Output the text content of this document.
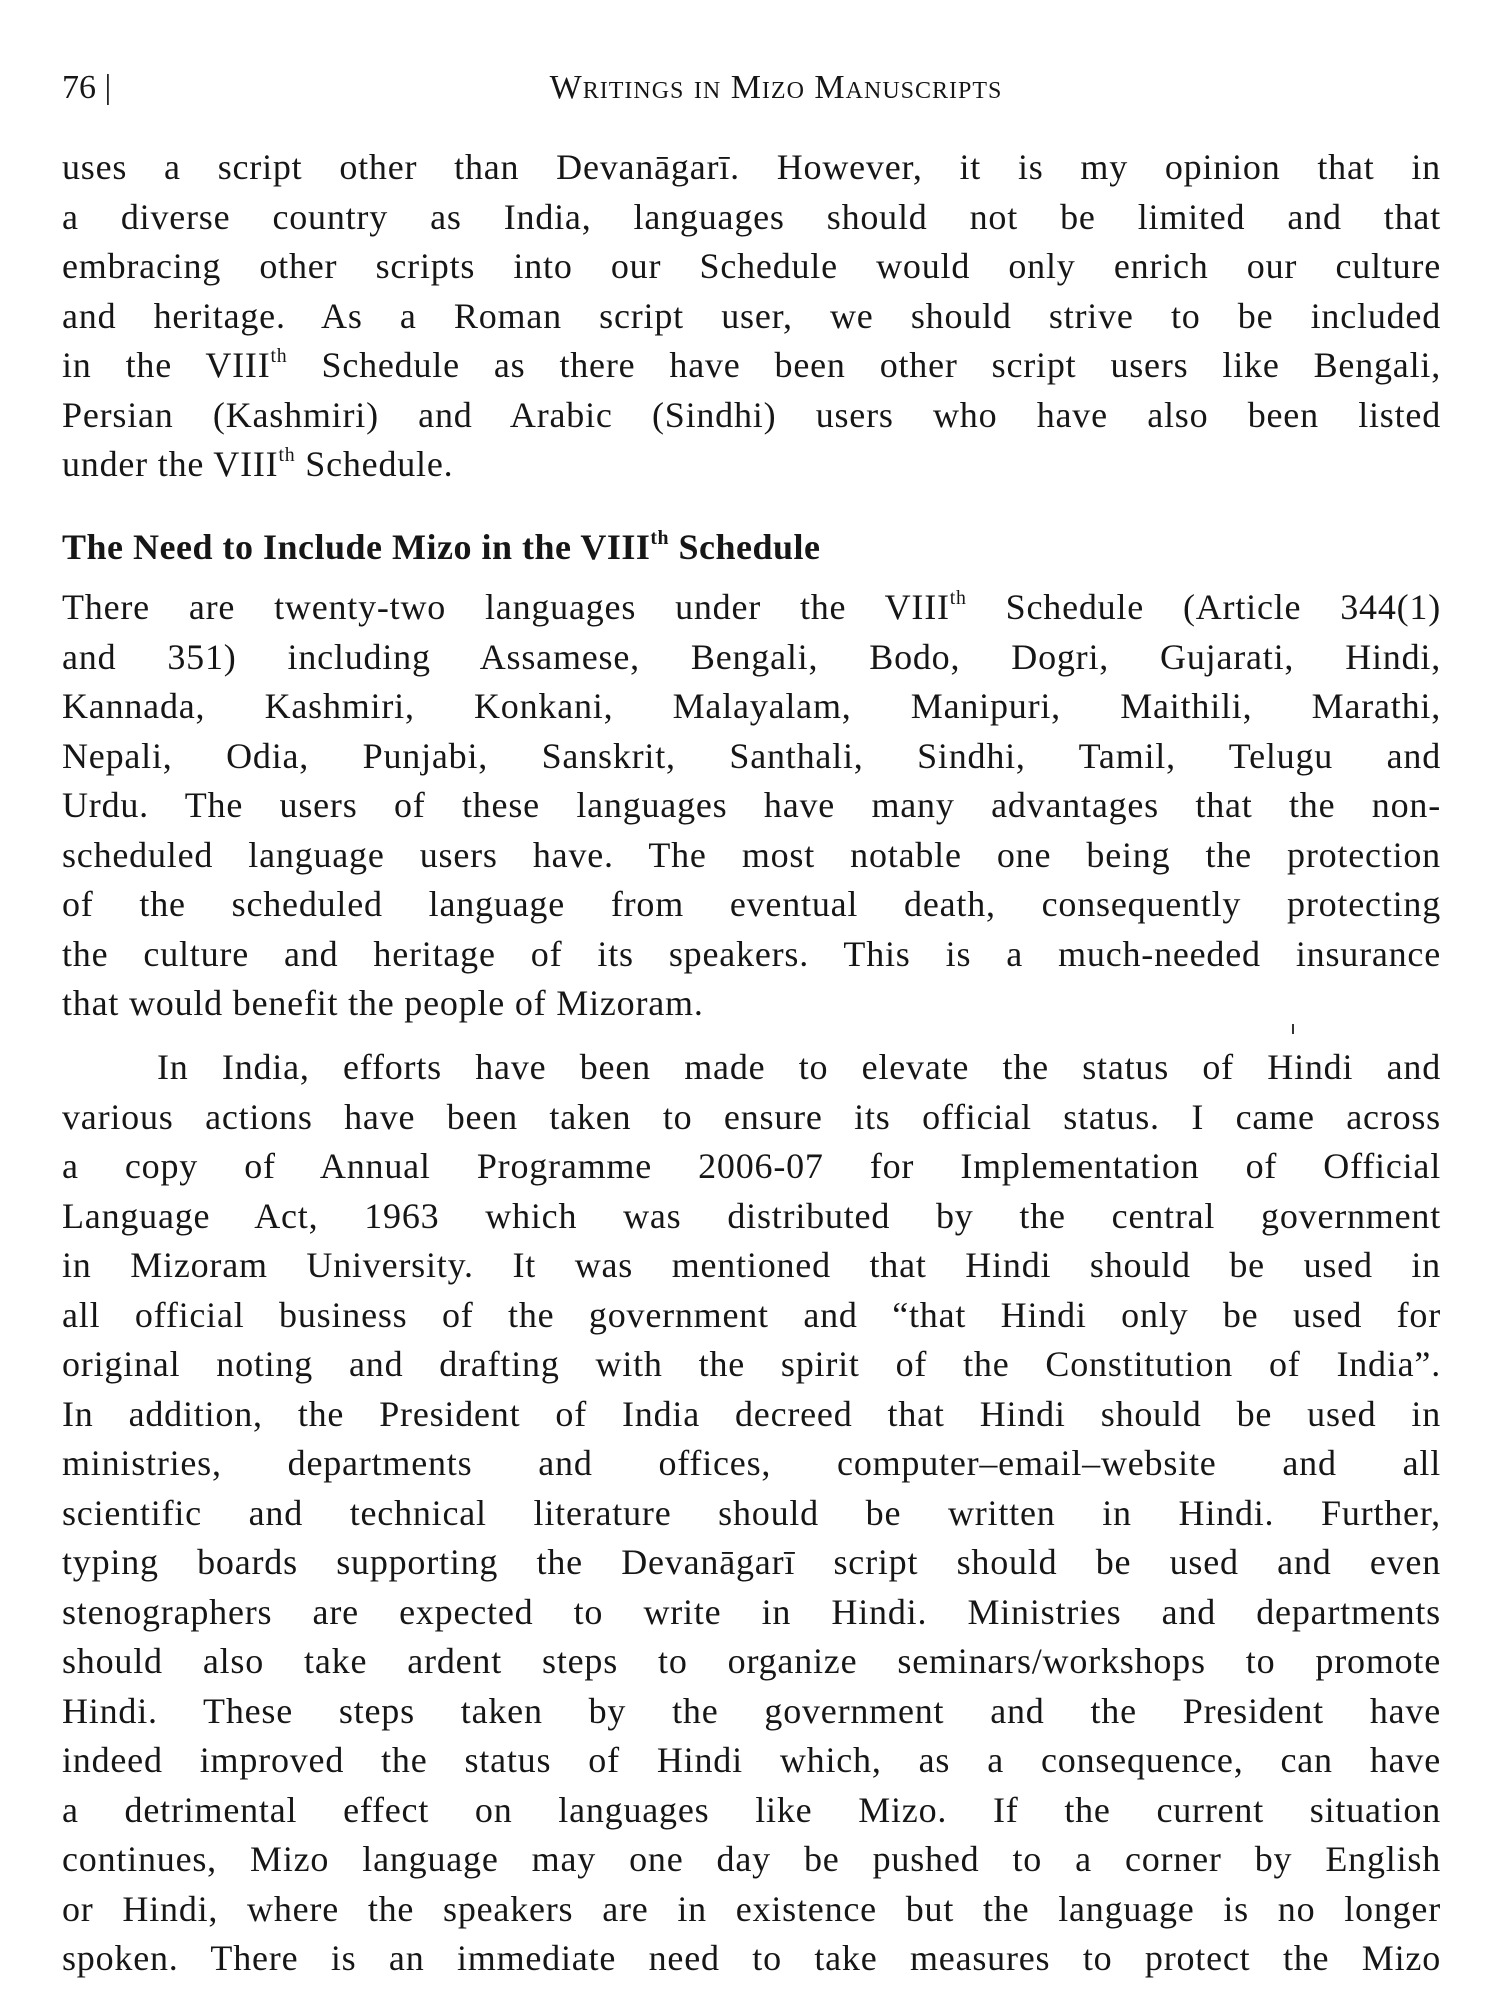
76 |	Writings in Mizo Manuscripts
uses a script other than Devanāgarī. However, it is my opinion that in
a diverse country as India, languages should not be limited and that
embracing other scripts into our Schedule would only enrich our culture
and heritage. As a Roman script user, we should strive to be included
in the VIIIth Schedule as there have been other script users like Bengali,
Persian (Kashmiri) and Arabic (Sindhi) users who have also been listed
under the VIIIth Schedule.
The Need to Include Mizo in the VIIIth Schedule
There are twenty-two languages under the VIIIth Schedule (Article 344(1)
and 351) including Assamese, Bengali, Bodo, Dogri, Gujarati, Hindi,
Kannada, Kashmiri, Konkani, Malayalam, Manipuri, Maithili, Marathi,
Nepali, Odia, Punjabi, Sanskrit, Santhali, Sindhi, Tamil, Telugu and
Urdu. The users of these languages have many advantages that the non-
scheduled language users have. The most notable one being the protection
of the scheduled language from eventual death, consequently protecting
the culture and heritage of its speakers. This is a much-needed insurance
that would benefit the people of Mizoram.
In India, efforts have been made to elevate the status of Hindi and
various actions have been taken to ensure its official status. I came across
a copy of Annual Programme 2006-07 for Implementation of Official
Language Act, 1963 which was distributed by the central government
in Mizoram University. It was mentioned that Hindi should be used in
all official business of the government and “that Hindi only be used for
original noting and drafting with the spirit of the Constitution of India”.
In addition, the President of India decreed that Hindi should be used in
ministries, departments and offices, computer–email–website and all
scientific and technical literature should be written in Hindi. Further,
typing boards supporting the Devanāgarī script should be used and even
stenographers are expected to write in Hindi. Ministries and departments
should also take ardent steps to organize seminars/workshops to promote
Hindi. These steps taken by the government and the President have
indeed improved the status of Hindi which, as a consequence, can have
a detrimental effect on languages like Mizo. If the current situation
continues, Mizo language may one day be pushed to a corner by English
or Hindi, where the speakers are in existence but the language is no longer
spoken. There is an immediate need to take measures to protect the Mizo
